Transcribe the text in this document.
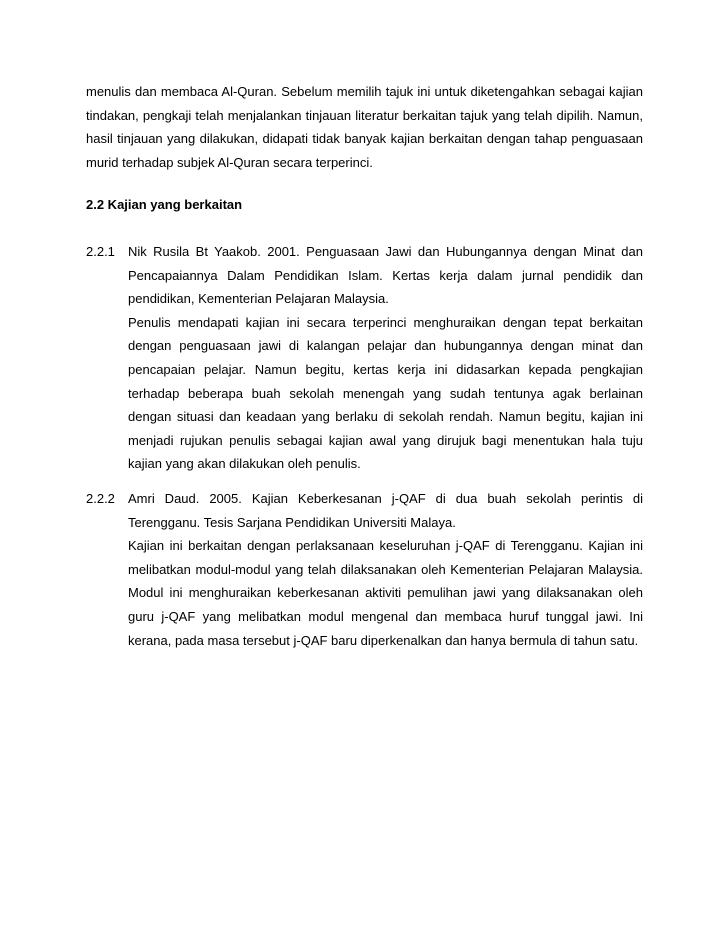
menulis dan membaca Al-Quran. Sebelum memilih tajuk ini untuk diketengahkan sebagai kajian tindakan, pengkaji telah menjalankan tinjauan literatur berkaitan tajuk yang telah dipilih. Namun, hasil tinjauan yang dilakukan, didapati tidak banyak kajian berkaitan dengan tahap penguasaan murid terhadap subjek Al-Quran secara terperinci.

2.2 Kajian yang berkaitan

2.2.1 Nik Rusila Bt Yaakob. 2001. Penguasaan Jawi dan Hubungannya dengan Minat dan Pencapaiannya Dalam Pendidikan Islam. Kertas kerja dalam jurnal pendidik dan pendidikan, Kementerian Pelajaran Malaysia.

Penulis mendapati kajian ini secara terperinci menghuraikan dengan tepat berkaitan dengan penguasaan jawi di kalangan pelajar dan hubungannya dengan minat dan pencapaian pelajar. Namun begitu, kertas kerja ini didasarkan kepada pengkajian terhadap beberapa buah sekolah menengah yang sudah tentunya agak berlainan dengan situasi dan keadaan yang berlaku di sekolah rendah. Namun begitu, kajian ini menjadi rujukan penulis sebagai kajian awal yang dirujuk bagi menentukan hala tuju kajian yang akan dilakukan oleh penulis.

2.2.2 Amri Daud. 2005. Kajian Keberkesanan j-QAF di dua buah sekolah perintis di Terengganu. Tesis Sarjana Pendidikan Universiti Malaya.

Kajian ini berkaitan dengan perlaksanaan keseluruhan j-QAF di Terengganu. Kajian ini melibatkan modul-modul yang telah dilaksanakan oleh Kementerian Pelajaran Malaysia. Modul ini menghuraikan keberkesanan aktiviti pemulihan jawi yang dilaksanakan oleh guru j-QAF yang melibatkan modul mengenal dan membaca huruf tunggal jawi. Ini kerana, pada masa tersebut j-QAF baru diperkenalkan dan hanya bermula di tahun satu.
